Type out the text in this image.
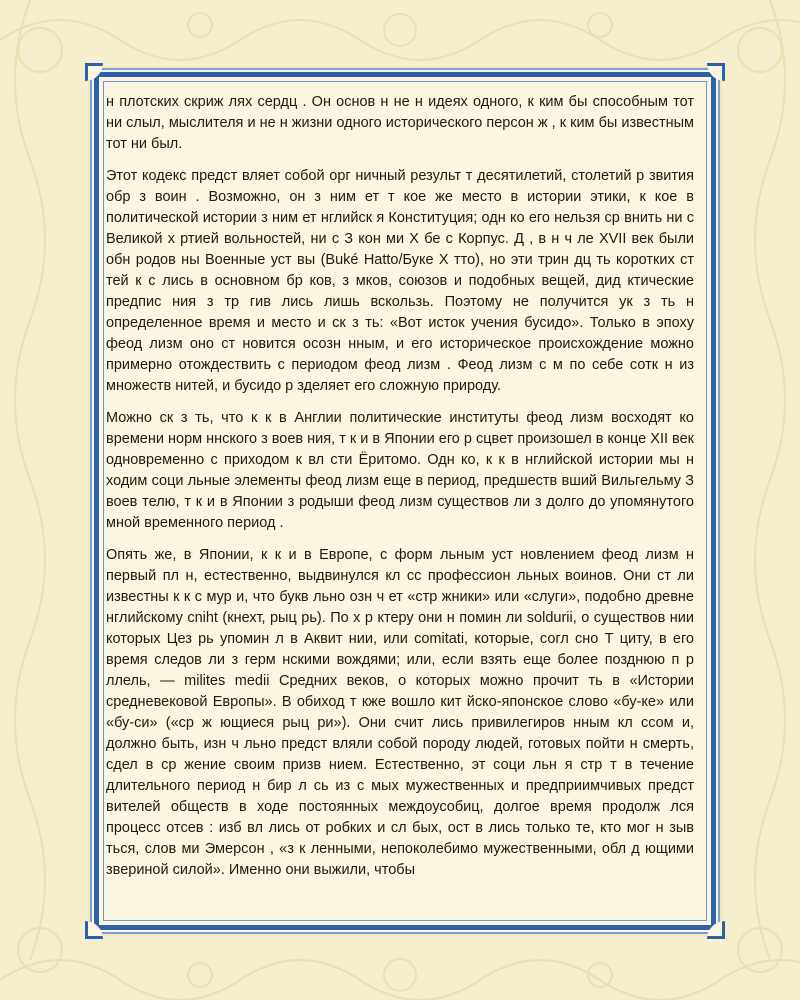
н плотских скриж лях сердц . Он основ н не н идеях одного, к ким бы способным тот ни слыл, мыслителя и не н жизни одного исторического персон ж , к ким бы известным тот ни был.

Этот кодекс предст вляет собой орг ничный результ т десятилетий, столетий р звития обр з воин . Возможно, он з ним ет т кое же место в истории этики, к кое в политической истории з ним ет нглийск я Конституция; одн ко его нельзя ср внить ни с Великой х ртией вольностей, ни с З кон ми Х бе с Корпус. Д , в н ч ле XVII век были обн родов ны Военные уст вы (Buké Hatto/Буке Х тто), но эти трин дц ть коротких ст тей к с лись в основном бр ков, з мков, союзов и подобных вещей, дид ктические предпис ния з тр гив лись лишь вскользь. Поэтому не получится ук з ть н определенное время и место и ск з ть: «Вот исток учения бусидо». Только в эпоху феод лизм оно ст новится осозн нным, и его историческое происхождение можно примерно отождествить с периодом феод лизм . Феод лизм с м по себе сотк н из множеств нитей, и бусидо р зделяет его сложную природу.

Можно ск з ть, что к к в Англии политические институты феод лизм восходят ко времени норм ннского з воев ния, т к и в Японии его р сцвет произошел в конце XII век одновременно с приходом к вл сти Ёритомо. Одн ко, к к в нглийской истории мы н ходим соци льные элементы феод лизм еще в период, предшеств вший Вильгельму З воев телю, т к и в Японии з родыши феод лизм существов ли з долго до упомянутого мной временного период .

Опять же, в Японии, к к и в Европе, с форм льным уст новлением феод лизм н первый пл н, естественно, выдвинулся кл сс профессион льных воинов. Они ст ли известны к к с мур и, что букв льно озн ч ет «стр жники» или «слуги», подобно древне нглийскому cniht (кнехт, рыц рь). По х р ктеру они н помин ли soldurii, о существов нии которых Цез рь упомин л в Аквит нии, или comitati, которые, согл сно Т циту, в его время следов ли з герм нскими вождями; или, если взять еще более позднюю п р ллель, — milites medii Средних веков, о которых можно прочит ть в «Истории средневековой Европы». В обиход т кже вошло кит йско-японское слово «бу-ке» или «бу-си» («ср ж ющиеся рыц ри»). Они счит лись привилегиров нным кл ссом и, должно быть, изн ч льно предст вляли собой породу людей, готовых пойти н смерть, сдел в ср жение своим призв нием. Естественно, эт соци льн я стр т в течение длительного период н бир л сь из с мых мужественных и предприимчивых предст вителей обществ в ходе постоянных междоусобиц, долгое время продолж лся процесс отсев : изб вл лись от робких и сл бых, ост в лись только те, кто мог н зыв ться, слов ми Эмерсон , «з к ленными, непоколебимо мужественными, обл д ющими звериной силой». Именно они выжили, чтобы
